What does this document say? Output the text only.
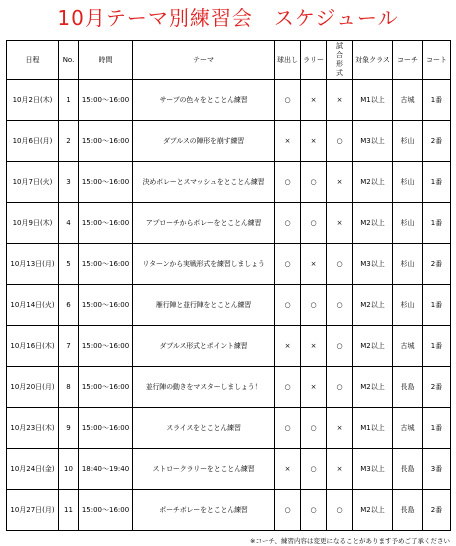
10月テーマ別練習会　スケジュール
日程	No.	時間	テーマ	球出し	ラリー	試合形式	対象クラス	コーチ	コート
10月2日(木)	1	15:00～16:00	サーブの色々をとことん練習	○	×	×	M1以上	古城	1番
10月6日(月)	2	15:00～16:00	ダブルスの陣形を崩す練習	×	×	○	M3以上	杉山	2番
10月7日(火)	3	15:00～16:00	決めボレーとスマッシュをとことん練習	○	○	×	M2以上	杉山	1番
10月9日(木)	4	15:00～16:00	アプローチからボレーをとことん練習	○	○	×	M2以上	杉山	1番
10月13日(月)	5	15:00～16:00	リターンから実戦形式を練習しましょう	○	×	○	M3以上	杉山	2番
10月14日(火)	6	15:00～16:00	雁行陣と並行陣をとことん練習	○	○	○	M2以上	杉山	1番
10月16日(木)	7	15:00～16:00	ダブルス形式とポイント練習	×	×	○	M2以上	古城	1番
10月20日(月)	8	15:00～16:00	並行陣の動きをマスターしましょう！	○	×	○	M2以上	長島	2番
10月23日(木)	9	15:00～16:00	スライスをとことん練習	○	○	×	M1以上	古城	1番
10月24日(金)	10	18:40～19:40	ストロークラリーをとことん練習	×	○	×	M3以上	長島	3番
10月27日(月)	11	15:00～16:00	ポーチボレーをとことん練習	○	○	○	M2以上	長島	2番
※コーチ、練習内容は変更になることがあります予めご了承ください
